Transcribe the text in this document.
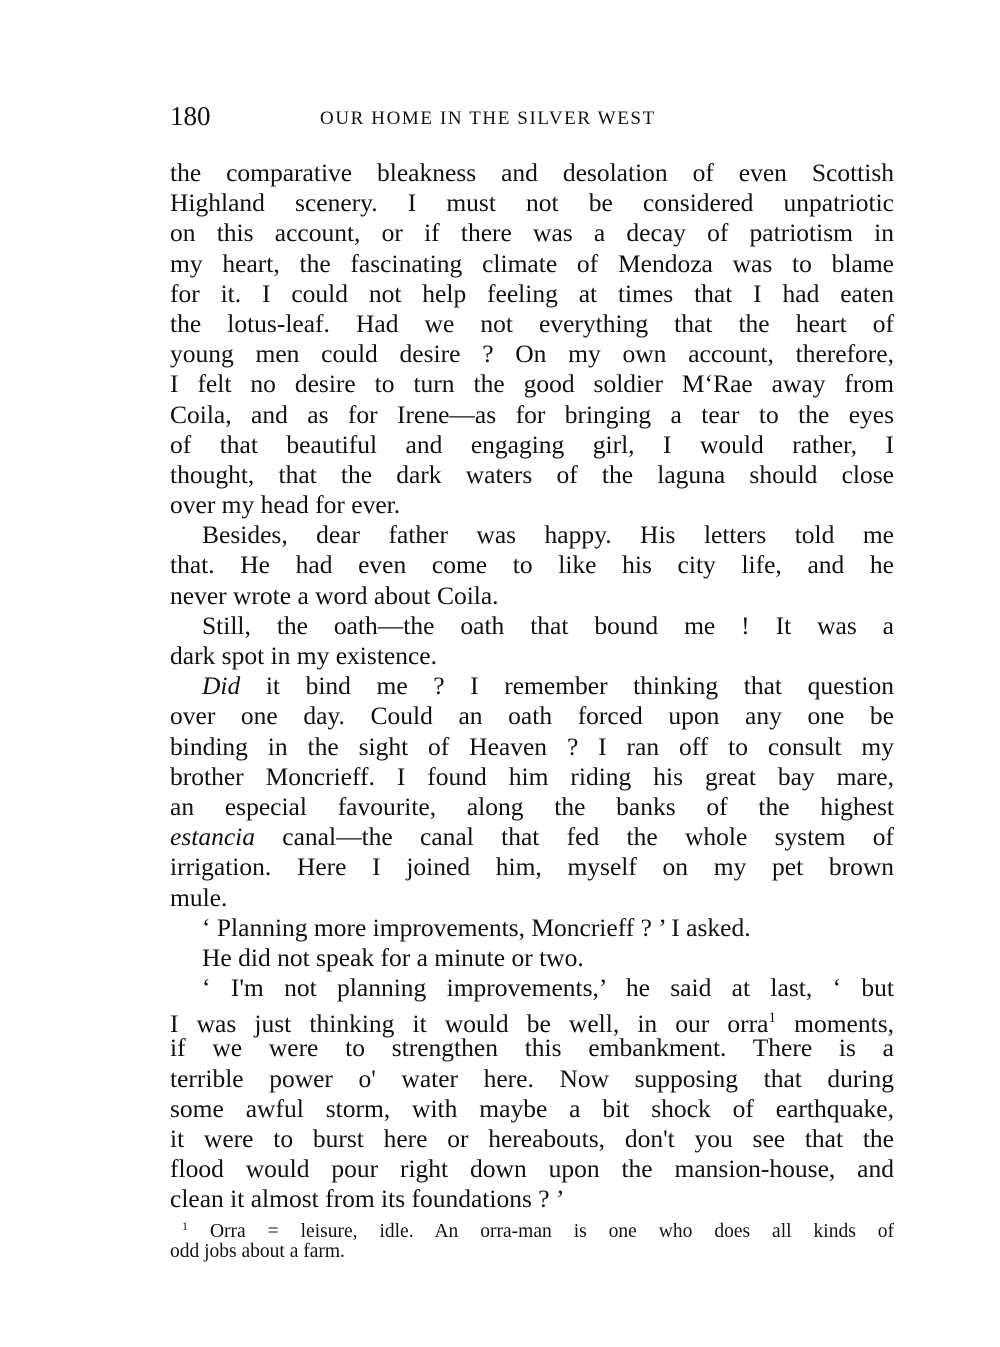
180	OUR HOME IN THE SILVER WEST
the comparative bleakness and desolation of even Scottish
Highland scenery. I must not be considered unpatriotic
on this account, or if there was a decay of patriotism in
my heart, the fascinating climate of Mendoza was to blame
for it. I could not help feeling at times that I had eaten
the lotus-leaf. Had we not everything that the heart of
young men could desire ? On my own account, therefore,
I felt no desire to turn the good soldier M‘Rae away from
Coila, and as for Irene—as for bringing a tear to the eyes
of that beautiful and engaging girl, I would rather, I
thought, that the dark waters of the laguna should close
over my head for ever.
Besides, dear father was happy. His letters told me
that. He had even come to like his city life, and he
never wrote a word about Coila.
Still, the oath—the oath that bound me ! It was a
dark spot in my existence.
Did it bind me ? I remember thinking that question
over one day. Could an oath forced upon any one be
binding in the sight of Heaven ? I ran off to consult my
brother Moncrieff. I found him riding his great bay mare,
an especial favourite, along the banks of the highest
estancia canal—the canal that fed the whole system of
irrigation. Here I joined him, myself on my pet brown
mule.
‘ Planning more improvements, Moncrieff ? ’ I asked.
He did not speak for a minute or two.
‘ I'm not planning improvements,’ he said at last, ‘ but
I was just thinking it would be well, in our orra$^1$ moments,
if we were to strengthen this embankment. There is a
terrible power o' water here. Now supposing that during
some awful storm, with maybe a bit shock of earthquake,
it were to burst here or hereabouts, don't you see that the
flood would pour right down upon the mansion-house, and
clean it almost from its foundations ? ’
$^1$ Orra = leisure, idle. An orra-man is one who does all kinds of
odd jobs about a farm.
